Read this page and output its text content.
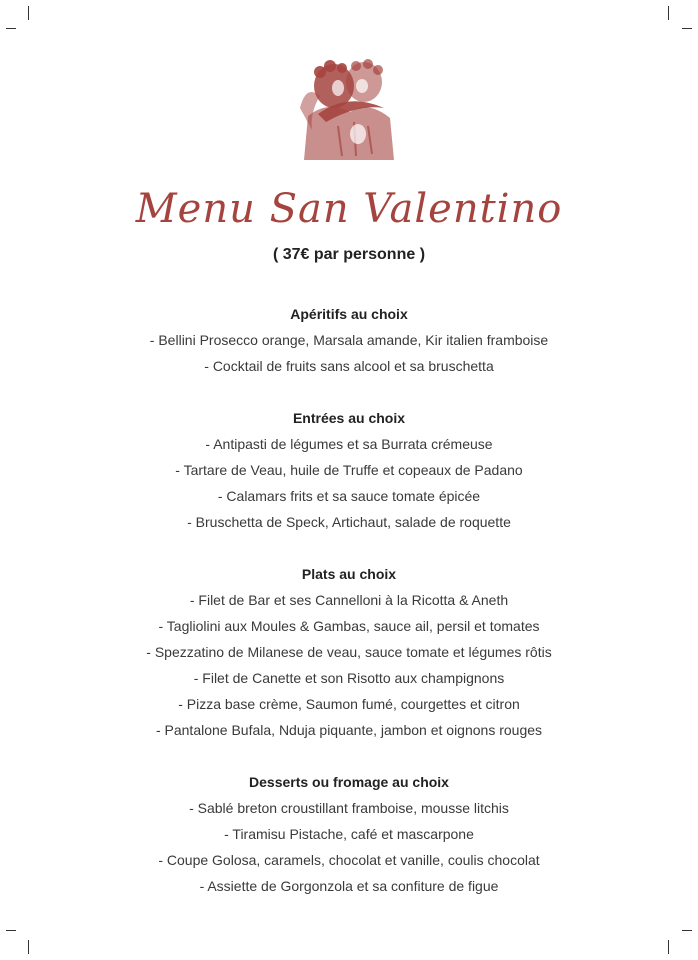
Menu San Valentino
( 37€ par personne )
Apéritifs au choix
- Bellini Prosecco orange, Marsala amande, Kir italien framboise
- Cocktail de fruits sans alcool et sa bruschetta
Entrées au choix
- Antipasti de légumes et sa Burrata crémeuse
- Tartare de Veau, huile de Truffe et copeaux de Padano
- Calamars frits et sa sauce tomate épicée
- Bruschetta de Speck, Artichaut, salade de roquette
Plats au choix
- Filet de Bar et ses Cannelloni à la Ricotta & Aneth
- Tagliolini aux Moules & Gambas, sauce ail, persil et tomates
- Spezzatino de Milanese de veau, sauce tomate et légumes rôtis
- Filet de Canette et son Risotto aux champignons
- Pizza base crème, Saumon fumé, courgettes et citron
- Pantalone Bufala, Nduja piquante, jambon et oignons rouges
Desserts ou fromage au choix
- Sablé breton croustillant framboise, mousse litchis
- Tiramisu Pistache, café et mascarpone
- Coupe Golosa, caramels, chocolat et vanille, coulis chocolat
- Assiette de Gorgonzola et sa confiture de figue
